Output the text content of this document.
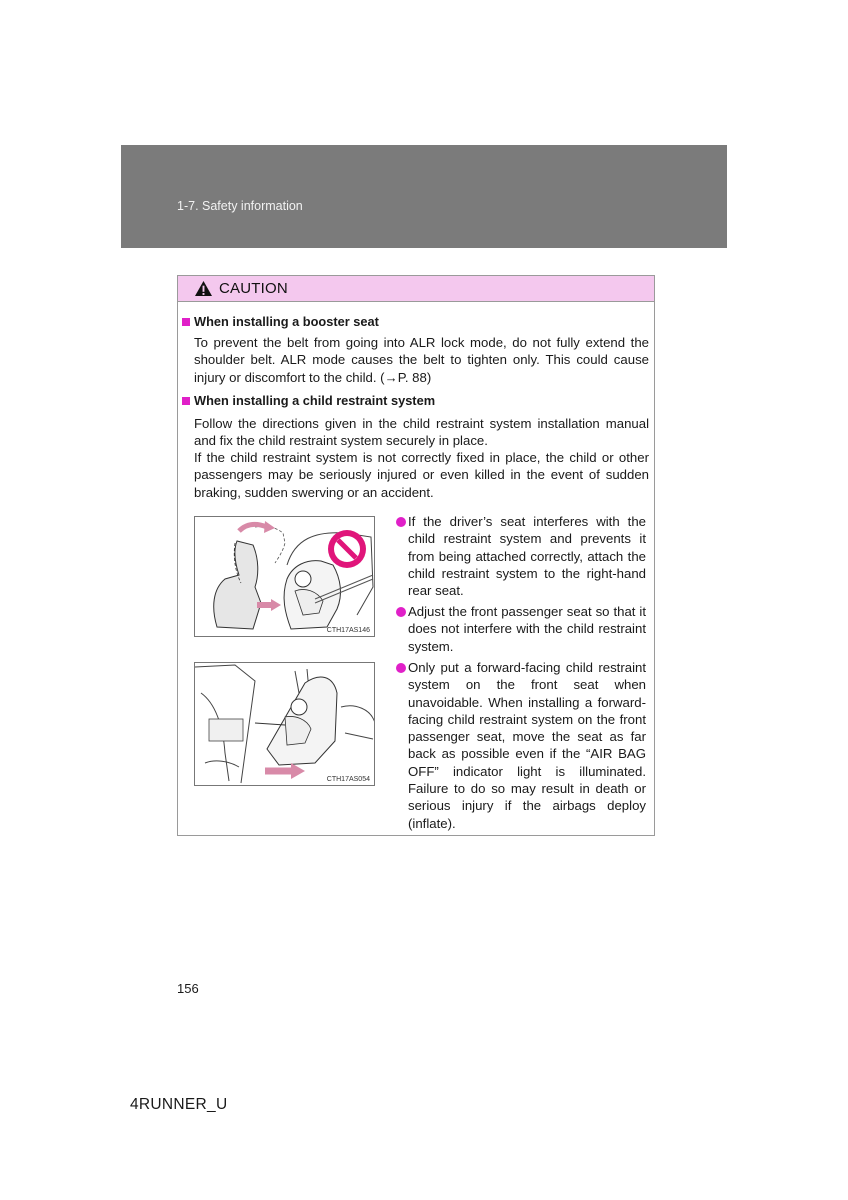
1-7. Safety information
CAUTION
When installing a booster seat
To prevent the belt from going into ALR lock mode, do not fully extend the shoulder belt. ALR mode causes the belt to tighten only. This could cause injury or discomfort to the child. (→P. 88)
When installing a child restraint system
Follow the directions given in the child restraint system installation manual and fix the child restraint system securely in place.
If the child restraint system is not correctly fixed in place, the child or other passengers may be seriously injured or even killed in the event of sudden braking, sudden swerving or an accident.
CTH17AS146
CTH17AS054
If the driver’s seat interferes with the child restraint system and prevents it from being attached correctly, attach the child restraint system to the right-hand rear seat.
Adjust the front passenger seat so that it does not interfere with the child restraint system.
Only put a forward-facing child restraint system on the front seat when unavoidable. When installing a forward-facing child restraint system on the front passenger seat, move the seat as far back as possible even if the “AIR BAG OFF” indicator light is illuminated. Failure to do so may result in death or serious injury if the airbags deploy (inflate).
156
4RUNNER_U
